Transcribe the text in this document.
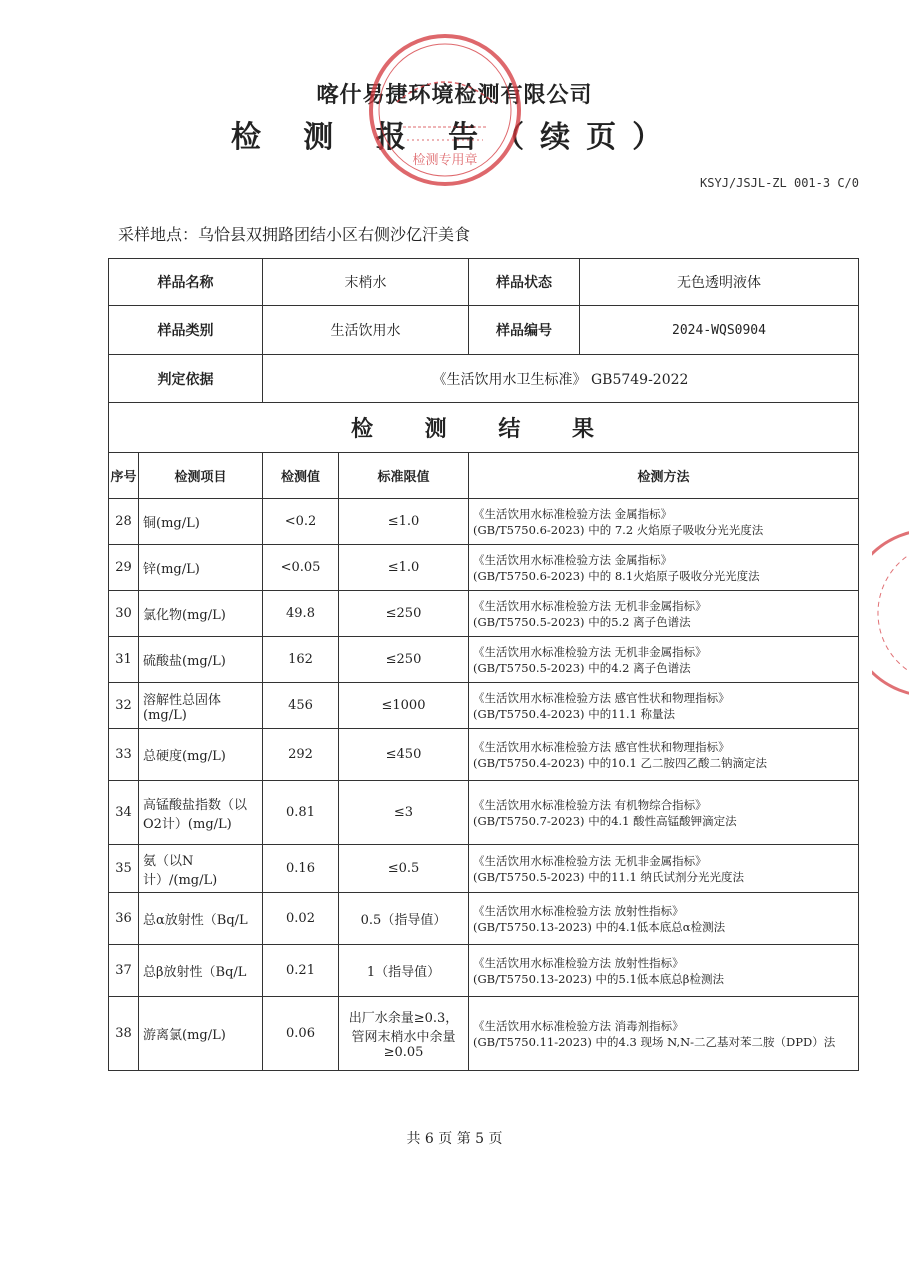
喀什易捷环境检测有限公司
检 测 报 告（续页）
KSYJ/JSJL-ZL 001-3 C/0
检测专用章
采样地点：乌恰县双拥路团结小区右侧沙亿汗美食
样品名称		末梢水		样品状态 无色透明液体

样品类别		生活饮用水		样品编号 2024-WQS0904

判定依据		《生活饮用水卫生标准》 GB5749-2022		
检 测 结 果				
序号	检测项目	检测值	标准限值	检测方法
28	铜(mg/L)	<0.2	≤1.0	《生活饮用水标准检验方法 金属指标》
(GB/T5750.6-2023) 中的 7.2 火焰原子吸收分光光度法

29	锌(mg/L)	<0.05	≤1.0	《生活饮用水标准检验方法 金属指标》
(GB/T5750.6-2023) 中的 8.1火焰原子吸收分光光度法

30	氯化物(mg/L)	49.8	≤250	《生活饮用水标准检验方法 无机非金属指标》
(GB/T5750.5-2023) 中的5.2 离子色谱法

31	硫酸盐(mg/L)	162	≤250	《生活饮用水标准检验方法 无机非金属指标》
(GB/T5750.5-2023) 中的4.2 离子色谱法

32	溶解性总固体(mg/L)	456	≤1000	《生活饮用水标准检验方法 感官性状和物理指标》
(GB/T5750.4-2023) 中的11.1 称量法

33	总硬度(mg/L)	292	≤450	《生活饮用水标准检验方法 感官性状和物理指标》
(GB/T5750.4-2023) 中的10.1 乙二胺四乙酸二钠滴定法

34	高锰酸盐指数（以O2计）(mg/L)	0.81	≤3	《生活饮用水标准检验方法 有机物综合指标》
(GB/T5750.7-2023) 中的4.1 酸性高锰酸钾滴定法

35	氨（以N计）/(mg/L)	0.16	≤0.5	《生活饮用水标准检验方法 无机非金属指标》
(GB/T5750.5-2023) 中的11.1 纳氏试剂分光光度法

36	总α放射性（Bq/L	0.02	0.5（指导值）	《生活饮用水标准检验方法 放射性指标》
(GB/T5750.13-2023) 中的4.1低本底总α检测法

37	总β放射性（Bq/L	0.21	1（指导值）	《生活饮用水标准检验方法 放射性指标》
(GB/T5750.13-2023) 中的5.1低本底总β检测法

38	游离氯(mg/L)	0.06	出厂水余量≥0.3，管网末梢水中余量≥0.05	《生活饮用水标准检验方法 消毒剂指标》
(GB/T5750.11-2023) 中的4.3 现场 N,N-二乙基对苯二胺（DPD）法
共 6 页 第 5 页
